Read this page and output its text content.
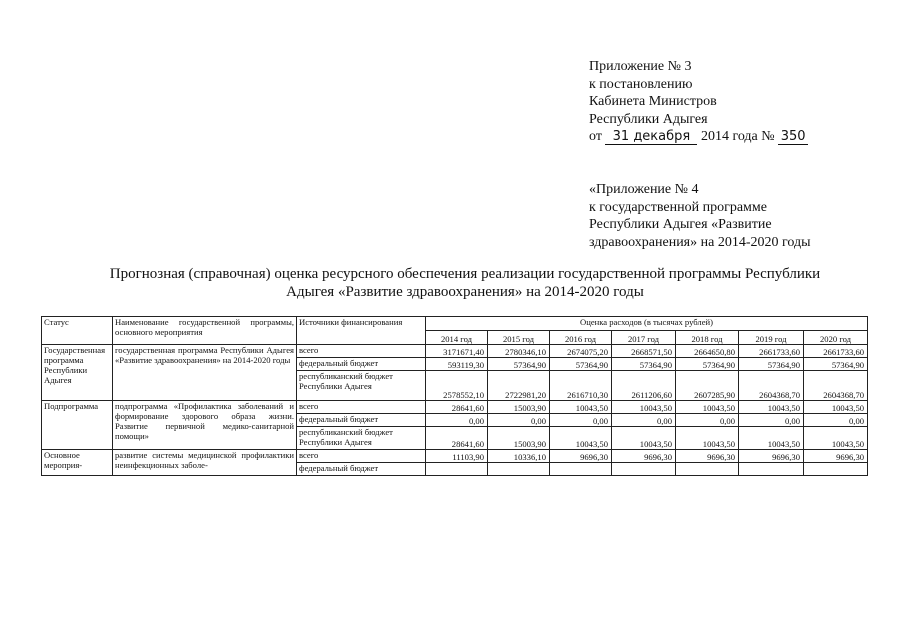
Приложение № 3
к постановлению
Кабинета Министров
Республики Адыгея
от 31 декабря 2014 года № 350
«Приложение № 4
к государственной программе
Республики Адыгея «Развитие
здравоохранения» на 2014-2020 годы
Прогнозная (справочная) оценка ресурсного обеспечения реализации государственной программы Республики
Адыгея «Развитие здравоохранения» на 2014-2020 годы
Статус	Наименование государственной программы, основного мероприятия	Источники финансирования	Оценка расходов (в тысячах рублей)						
			2014 год	2015 год	2016 год	2017 год	2018 год	2019 год	2020 год
Государственная программа Республики Адыгея	государственная программа Республики Адыгея «Развитие здравоохранения» на 2014-2020 годы	всего	3171671,40	2780346,10	2674075,20	2668571,50	2664650,80	2661733,60	2661733,60
		федеральный бюджет	593119,30	57364,90	57364,90	57364,90	57364,90	57364,90	57364,90
		республиканский бюджет Республики Адыгея	2578552,10	2722981,20	2616710,30	2611206,60	2607285,90	2604368,70	2604368,70
Подпрограмма	подпрограмма «Профилактика заболеваний и формирование здорового образа жизни. Развитие первичной медико-санитарной помощи»	всего	28641,60	15003,90	10043,50	10043,50	10043,50	10043,50	10043,50
		федеральный бюджет	0,00	0,00	0,00	0,00	0,00	0,00	0,00
		республиканский бюджет Республики Адыгея	28641,60	15003,90	10043,50	10043,50	10043,50	10043,50	10043,50
Основное мероприя-	развитие системы медицинской профилактики неинфекционных заболе-	всего	11103,90	10336,10	9696,30	9696,30	9696,30	9696,30	9696,30
		федеральный бюджет							
